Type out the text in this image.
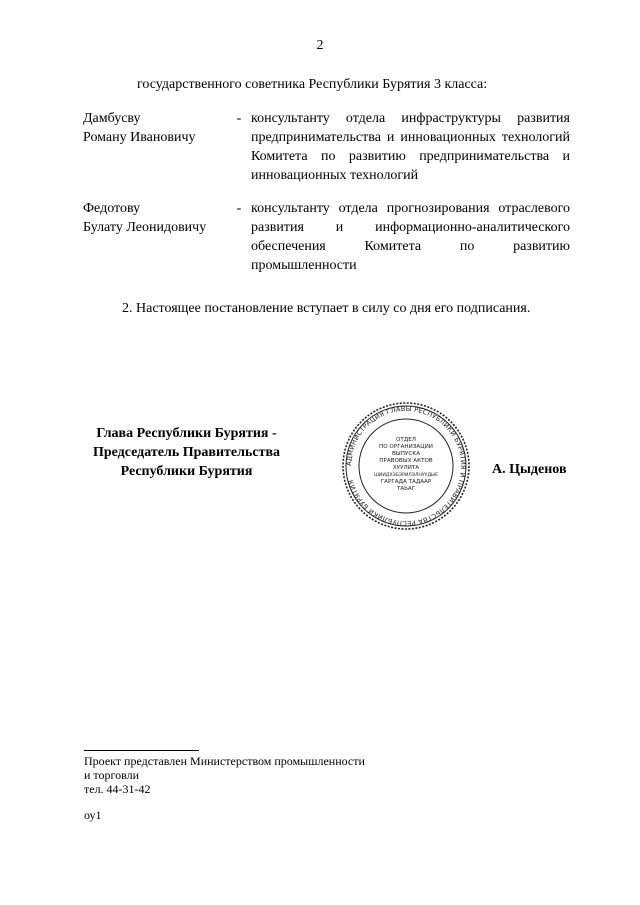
2
государственного советника Республики Бурятия 3 класса:
Дамбусву
Роману Ивановичу
- консультанту отдела инфраструктуры развития предпринимательства и инновационных технологий Комитета по развитию предпринимательства и инновационных технологий
Федотову
Булату Леонидовичу
- консультанту отдела прогнозирования отраслевого развития и информационно-аналитического обеспечения Комитета по развитию промышленности
2. Настоящее постановление вступает в силу со дня его подписания.
Глава Республики Бурятия -
Председатель Правительства
Республики Бурятия
АДМИНИСТРАЦИЯ ГЛАВЫ РЕСПУБЛИКИ БУРЯТИЯ И ПРАВИТЕЛЬСТВА РЕСПУБЛИКИ БУРЯТИЯ
ОТДЕЛ
ПО ОРГАНИЗАЦИИ
ВЫПУСКА
ПРАВОВЫХ АКТОВ
ХУУЛИТА
ШИИДХЭБЭРИЛЭЛНУУДЫЕ
ГАРГАДА ТАДААР
ТАЬАГ
А. Цыденов
Проект представлен Министерством промышленности
и торговли
тел. 44-31-42
оу1
